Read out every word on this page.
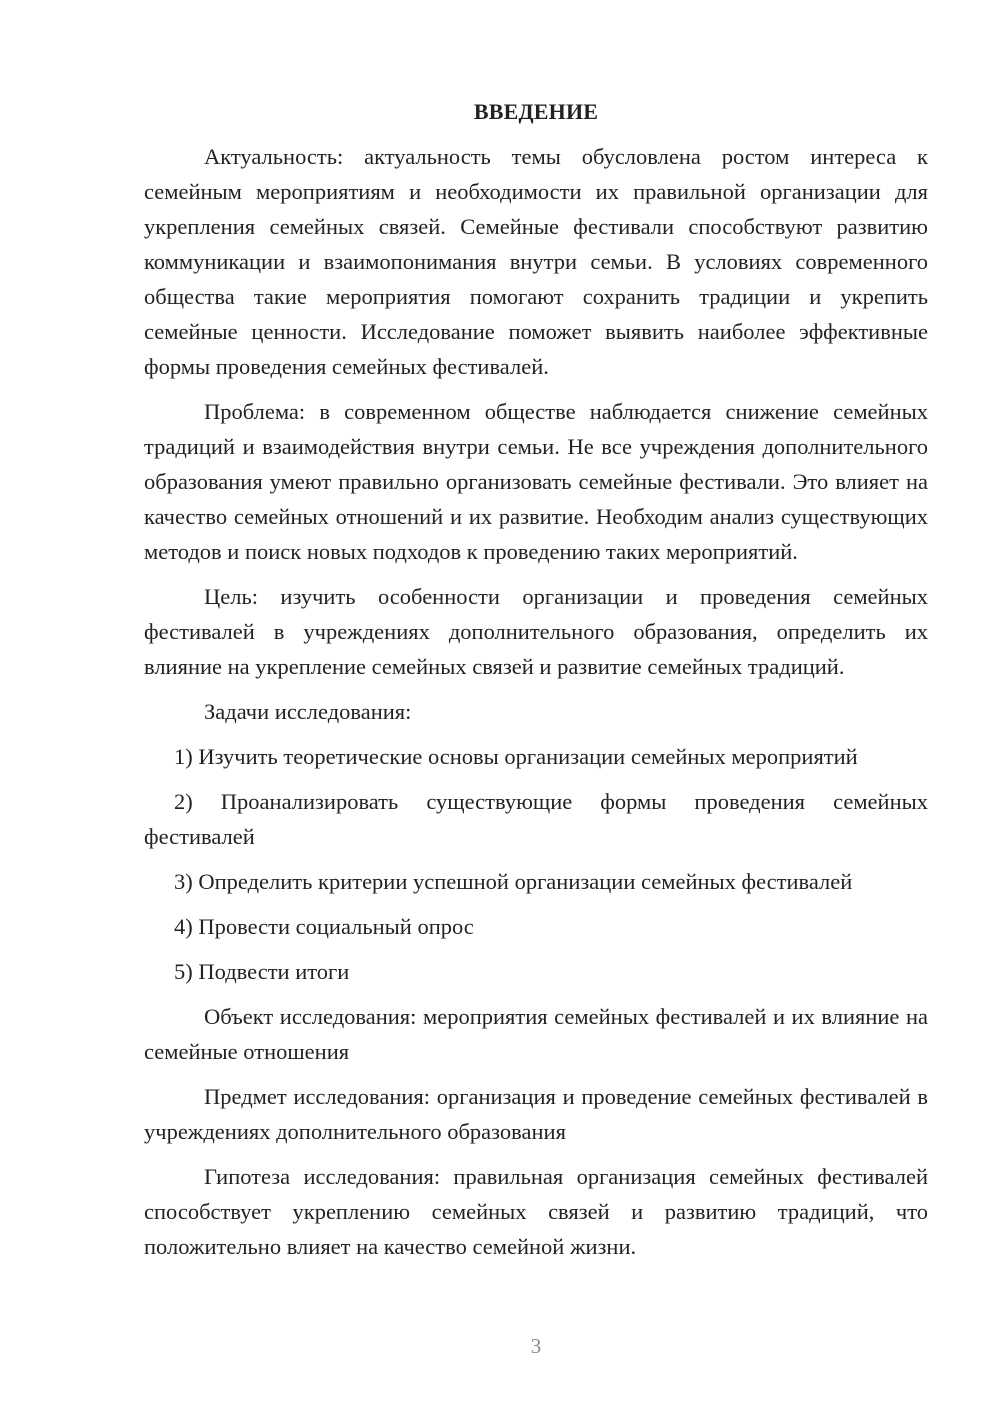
ВВЕДЕНИЕ

Актуальность: актуальность темы обусловлена ростом интереса к семейным мероприятиям и необходимости их правильной организации для укрепления семейных связей. Семейные фестивали способствуют развитию коммуникации и взаимопонимания внутри семьи. В условиях современного общества такие мероприятия помогают сохранить традиции и укрепить семейные ценности. Исследование поможет выявить наиболее эффективные формы проведения семейных фестивалей.

Проблема: в современном обществе наблюдается снижение семейных традиций и взаимодействия внутри семьи. Не все учреждения дополнительного образования умеют правильно организовать семейные фестивали. Это влияет на качество семейных отношений и их развитие. Необходим анализ существующих методов и поиск новых подходов к проведению таких мероприятий.

Цель: изучить особенности организации и проведения семейных фестивалей в учреждениях дополнительного образования, определить их влияние на укрепление семейных связей и развитие семейных традиций.

Задачи исследования:

1) Изучить теоретические основы организации семейных мероприятий

2) Проанализировать существующие формы проведения семейных фестивалей

3) Определить критерии успешной организации семейных фестивалей

4) Провести социальный опрос

5) Подвести итоги

Объект исследования: мероприятия семейных фестивалей и их влияние на семейные отношения

Предмет исследования: организация и проведение семейных фестивалей в учреждениях дополнительного образования

Гипотеза исследования: правильная организация семейных фестивалей способствует укреплению семейных связей и развитию традиций, что положительно влияет на качество семейной жизни.

3
